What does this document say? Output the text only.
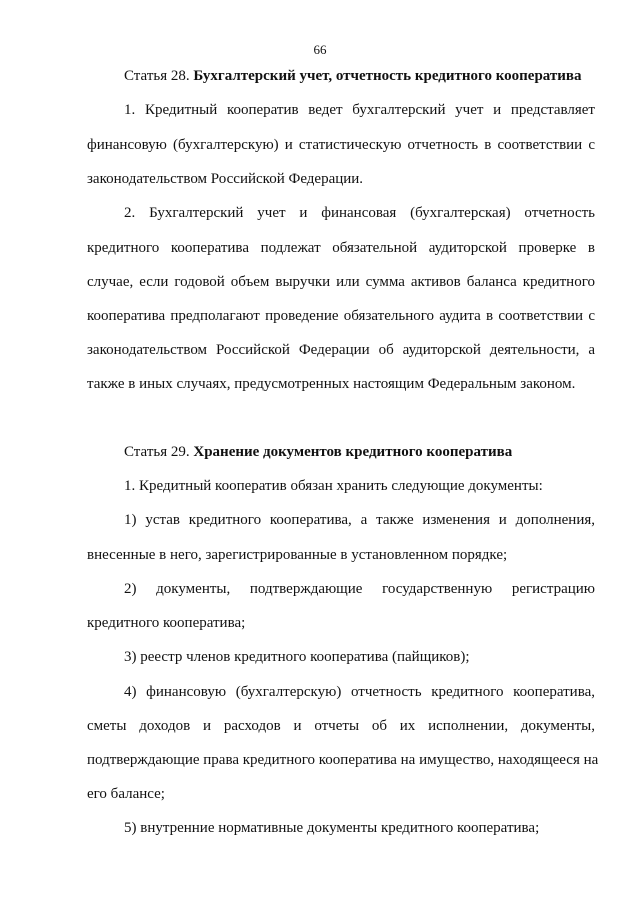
66
Статья 28. Бухгалтерский учет, отчетность кредитного кооператива
1. Кредитный кооператив ведет бухгалтерский учет и представляет
финансовую (бухгалтерскую) и статистическую отчетность в соответствии с
законодательством Российской Федерации.
2. Бухгалтерский учет и финансовая (бухгалтерская) отчетность
кредитного кооператива подлежат обязательной аудиторской проверке в
случае, если годовой объем выручки или сумма активов баланса кредитного
кооператива предполагают проведение обязательного аудита в соответствии с
законодательством Российской Федерации об аудиторской деятельности, а
также в иных случаях, предусмотренных настоящим Федеральным законом.
Статья 29. Хранение документов кредитного кооператива
1. Кредитный кооператив обязан хранить следующие документы:
1) устав кредитного кооператива, а также изменения и дополнения,
внесенные в него, зарегистрированные в установленном порядке;
2) документы, подтверждающие государственную регистрацию
кредитного кооператива;
3) реестр членов кредитного кооператива (пайщиков);
4) финансовую (бухгалтерскую) отчетность кредитного кооператива,
сметы доходов и расходов и отчеты об их исполнении, документы,
подтверждающие права кредитного кооператива на имущество, находящееся на
его балансе;
5) внутренние нормативные документы кредитного кооператива;
